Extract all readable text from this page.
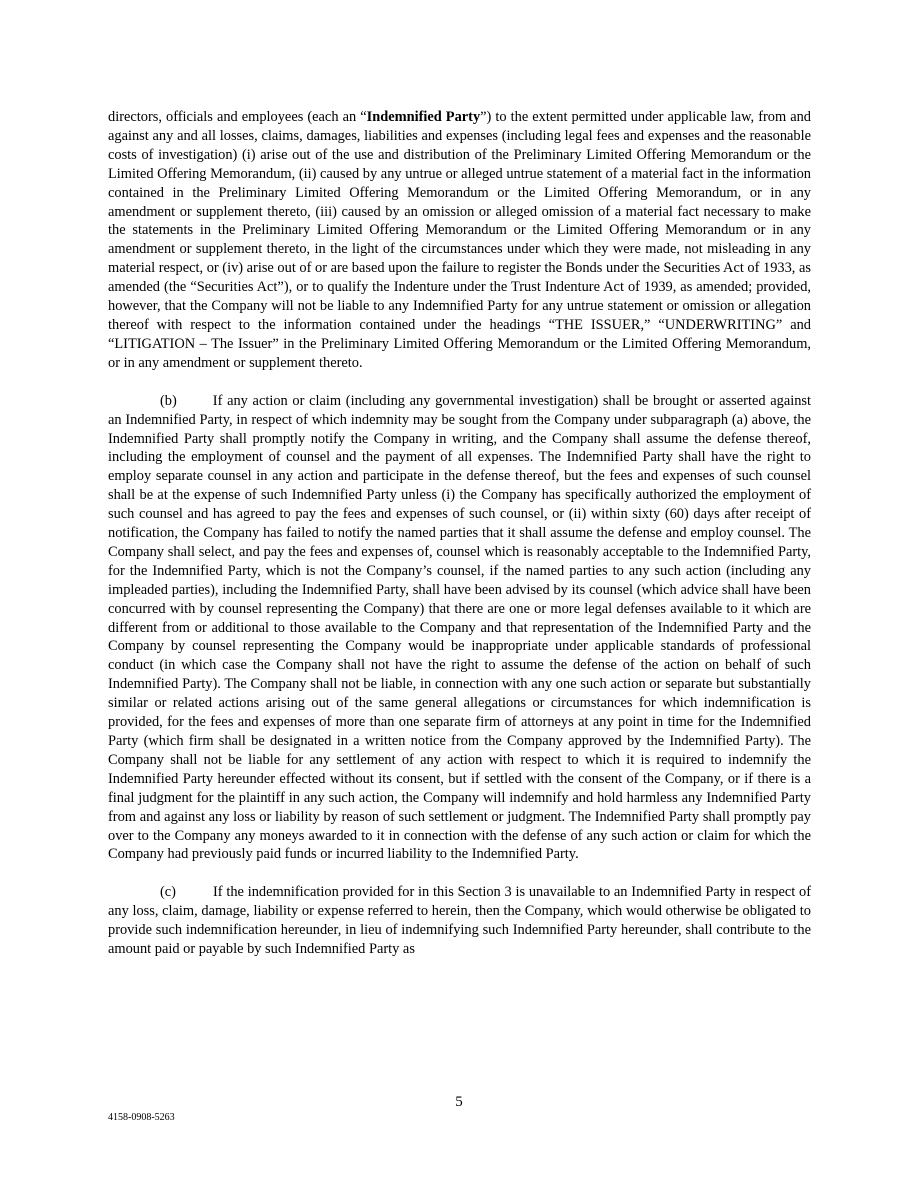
directors, officials and employees (each an “Indemnified Party”) to the extent permitted under applicable law, from and against any and all losses, claims, damages, liabilities and expenses (including legal fees and expenses and the reasonable costs of investigation) (i) arise out of the use and distribution of the Preliminary Limited Offering Memorandum or the Limited Offering Memorandum, (ii) caused by any untrue or alleged untrue statement of a material fact in the information contained in the Preliminary Limited Offering Memorandum or the Limited Offering Memorandum, or in any amendment or supplement thereto, (iii) caused by an omission or alleged omission of a material fact necessary to make the statements in the Preliminary Limited Offering Memorandum or the Limited Offering Memorandum or in any amendment or supplement thereto, in the light of the circumstances under which they were made, not misleading in any material respect, or (iv) arise out of or are based upon the failure to register the Bonds under the Securities Act of 1933, as amended (the “Securities Act”), or to qualify the Indenture under the Trust Indenture Act of 1939, as amended; provided, however, that the Company will not be liable to any Indemnified Party for any untrue statement or omission or allegation thereof with respect to the information contained under the headings “THE ISSUER,” “UNDERWRITING” and “LITIGATION – The Issuer” in the Preliminary Limited Offering Memorandum or the Limited Offering Memorandum, or in any amendment or supplement thereto.

(b)	If any action or claim (including any governmental investigation) shall be brought or asserted against an Indemnified Party, in respect of which indemnity may be sought from the Company under subparagraph (a) above, the Indemnified Party shall promptly notify the Company in writing, and the Company shall assume the defense thereof, including the employment of counsel and the payment of all expenses. The Indemnified Party shall have the right to employ separate counsel in any action and participate in the defense thereof, but the fees and expenses of such counsel shall be at the expense of such Indemnified Party unless (i) the Company has specifically authorized the employment of such counsel and has agreed to pay the fees and expenses of such counsel, or (ii) within sixty (60) days after receipt of notification, the Company has failed to notify the named parties that it shall assume the defense and employ counsel. The Company shall select, and pay the fees and expenses of, counsel which is reasonably acceptable to the Indemnified Party, for the Indemnified Party, which is not the Company’s counsel, if the named parties to any such action (including any impleaded parties), including the Indemnified Party, shall have been advised by its counsel (which advice shall have been concurred with by counsel representing the Company) that there are one or more legal defenses available to it which are different from or additional to those available to the Company and that representation of the Indemnified Party and the Company by counsel representing the Company would be inappropriate under applicable standards of professional conduct (in which case the Company shall not have the right to assume the defense of the action on behalf of such Indemnified Party). The Company shall not be liable, in connection with any one such action or separate but substantially similar or related actions arising out of the same general allegations or circumstances for which indemnification is provided, for the fees and expenses of more than one separate firm of attorneys at any point in time for the Indemnified Party (which firm shall be designated in a written notice from the Company approved by the Indemnified Party). The Company shall not be liable for any settlement of any action with respect to which it is required to indemnify the Indemnified Party hereunder effected without its consent, but if settled with the consent of the Company, or if there is a final judgment for the plaintiff in any such action, the Company will indemnify and hold harmless any Indemnified Party from and against any loss or liability by reason of such settlement or judgment. The Indemnified Party shall promptly pay over to the Company any moneys awarded to it in connection with the defense of any such action or claim for which the Company had previously paid funds or incurred liability to the Indemnified Party.

(c)	If the indemnification provided for in this Section 3 is unavailable to an Indemnified Party in respect of any loss, claim, damage, liability or expense referred to herein, then the Company, which would otherwise be obligated to provide such indemnification hereunder, in lieu of indemnifying such Indemnified Party hereunder, shall contribute to the amount paid or payable by such Indemnified Party as

5
4158-0908-5263
